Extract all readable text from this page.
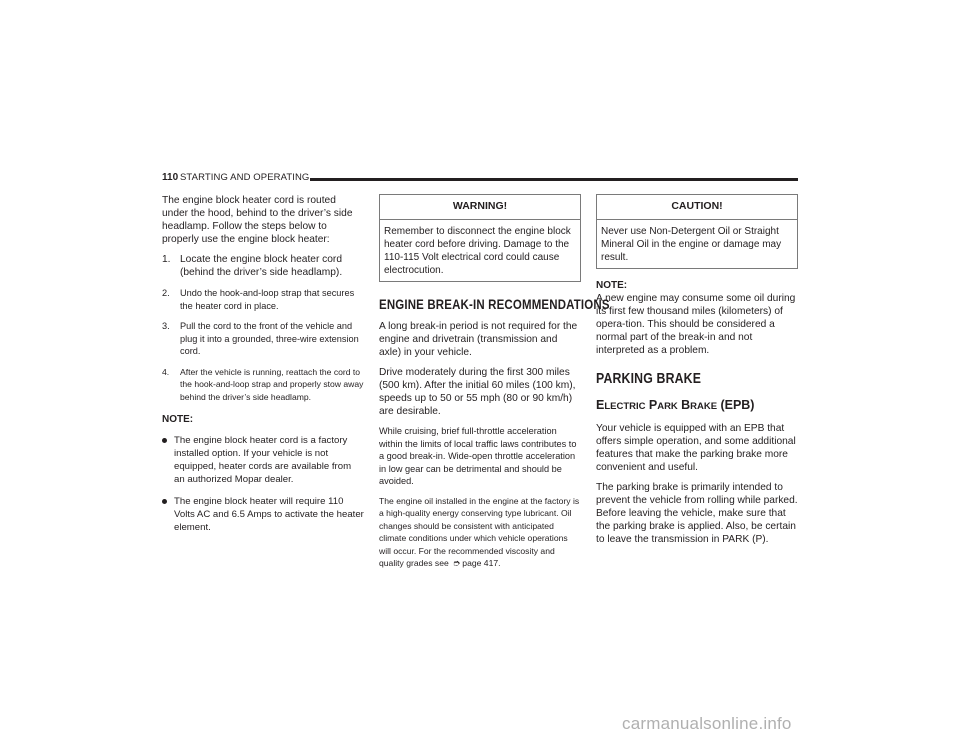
110 STARTING AND OPERATING

The engine block heater cord is routed under the hood, behind to the driver’s side headlamp. Follow the steps below to properly use the engine block heater:

1. Locate the engine block heater cord (behind the driver’s side headlamp).
2. Undo the hook-and-loop strap that secures the heater cord in place.
3. Pull the cord to the front of the vehicle and plug it into a grounded, three-wire extension cord.
4. After the vehicle is running, reattach the cord to the hook-and-loop strap and properly stow away behind the driver’s side headlamp.
NOTE:
The engine block heater cord is a factory installed option. If your vehicle is not equipped, heater cords are available from an authorized Mopar dealer.
The engine block heater will require 110 Volts AC and 6.5 Amps to activate the heater element.
WARNING!
Remember to disconnect the engine block heater cord before driving. Damage to the 110-115 Volt electrical cord could cause electrocution.
ENGINE BREAK-IN RECOMMENDATIONS

A long break-in period is not required for the engine and drivetrain (transmission and axle) in your vehicle.

Drive moderately during the first 300 miles (500 km). After the initial 60 miles (100 km), speeds up to 50 or 55 mph (80 or 90 km/h) are desirable.

While cruising, brief full-throttle acceleration within the limits of local traffic laws contributes to a good break-in. Wide-open throttle acceleration in low gear can be detrimental and should be avoided.

The engine oil installed in the engine at the factory is a high-quality energy conserving type lubricant. Oil changes should be consistent with anticipated climate conditions under which vehicle operations will occur. For the recommended viscosity and quality grades see ➮ page 417.

CAUTION!
Never use Non-Detergent Oil or Straight Mineral Oil in the engine or damage may result.
NOTE:

A new engine may consume some oil during its first few thousand miles (kilometers) of opera-tion. This should be considered a normal part of the break-in and not interpreted as a problem.

PARKING BRAKE
ELECTRIC PARK BRAKE (EPB)

Your vehicle is equipped with an EPB that offers simple operation, and some additional features that make the parking brake more convenient and useful.

The parking brake is primarily intended to prevent the vehicle from rolling while parked. Before leaving the vehicle, make sure that the parking brake is applied. Also, be certain to leave the transmission in PARK (P).

carmanualsonline.info
